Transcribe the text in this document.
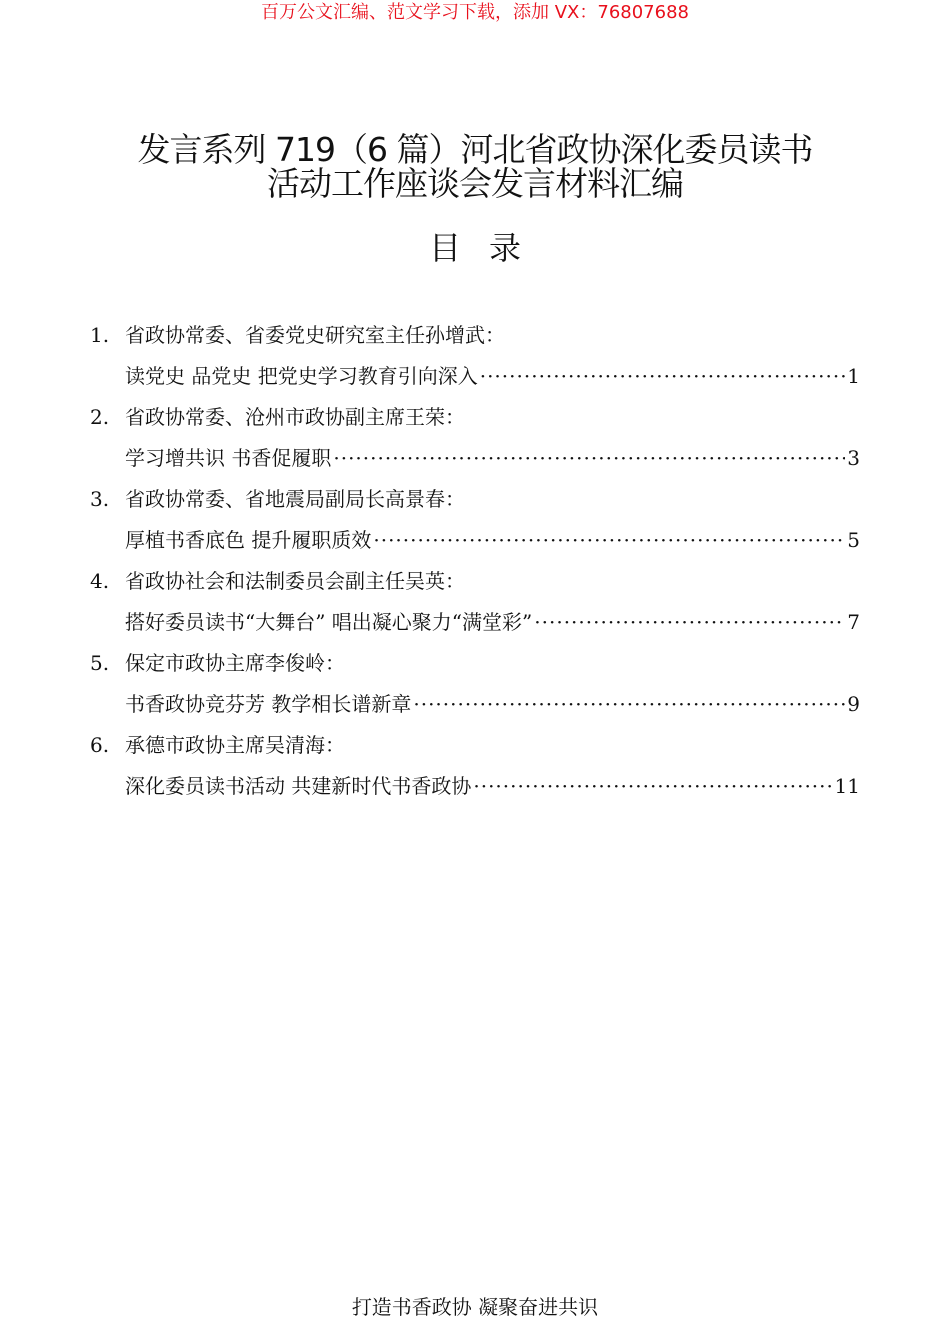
百万公文汇编、范文学习下载，添加 VX：76807688
发言系列 719（6 篇）河北省政协深化委员读书
活动工作座谈会发言材料汇编
目 录
1. 省政协常委、省委党史研究室主任孙增武：
读党史 品党史 把党史学习教育引向深入 ·····	1
2. 省政协常委、沧州市政协副主席王荣：
学习增共识 书香促履职 ·····	3
3. 省政协常委、省地震局副局长高景春：
厚植书香底色 提升履职质效 ·····	5
4. 省政协社会和法制委员会副主任吴英：
搭好委员读书“大舞台” 唱出凝心聚力“满堂彩” ·····	7
5. 保定市政协主席李俊岭：
书香政协竞芬芳 教学相长谱新章 ·····	9
6. 承德市政协主席吴清海：
深化委员读书活动 共建新时代书香政协 ·····	11
打造书香政协 凝聚奋进共识
